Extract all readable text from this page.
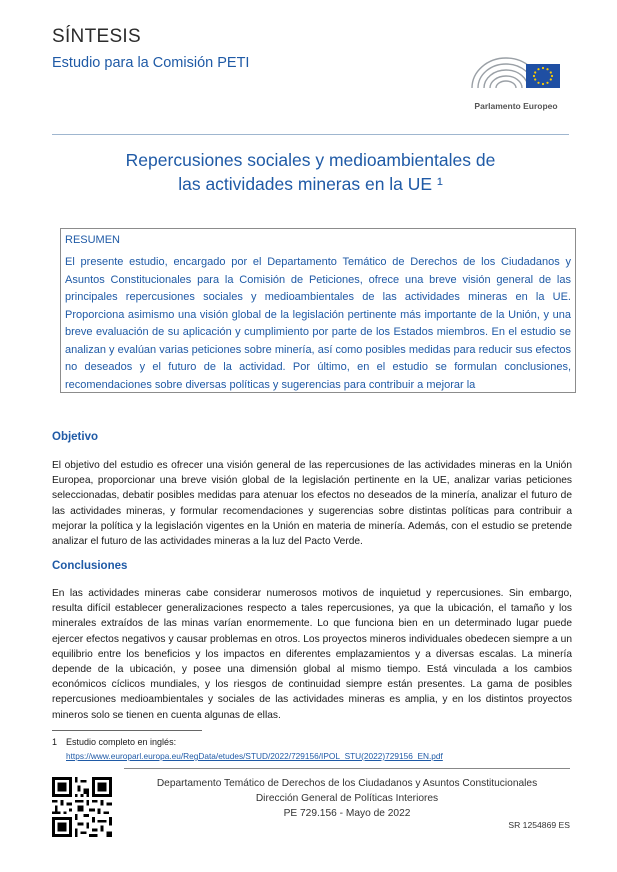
SÍNTESIS
Estudio para la Comisión PETI
Parlamento Europeo
Repercusiones sociales y medioambientales de
las actividades mineras en la UE ¹
RESUMEN
El presente estudio, encargado por el Departamento Temático de Derechos de los Ciudadanos y Asuntos Constitucionales para la Comisión de Peticiones, ofrece una breve visión general de las principales repercusiones sociales y medioambientales de las actividades mineras en la UE. Proporciona asimismo una visión global de la legislación pertinente más importante de la Unión, y una breve evaluación de su aplicación y cumplimiento por parte de los Estados miembros. En el estudio se analizan y evalúan varias peticiones sobre minería, así como posibles medidas para reducir sus efectos no deseados y el futuro de la actividad. Por último, en el estudio se formulan conclusiones, recomendaciones sobre diversas políticas y sugerencias para contribuir a mejorar la
Objetivo
El objetivo del estudio es ofrecer una visión general de las repercusiones de las actividades mineras en la Unión Europea, proporcionar una breve visión global de la legislación pertinente en la UE, analizar varias peticiones seleccionadas, debatir posibles medidas para atenuar los efectos no deseados de la minería, analizar el futuro de las actividades mineras, y formular recomendaciones y sugerencias sobre distintas políticas para contribuir a mejorar la política y la legislación vigentes en la Unión en materia de minería. Además, con el estudio se pretende analizar el futuro de las actividades mineras a la luz del Pacto Verde.
Conclusiones
En las actividades mineras cabe considerar numerosos motivos de inquietud y repercusiones. Sin embargo, resulta difícil establecer generalizaciones respecto a tales repercusiones, ya que la ubicación, el tamaño y los minerales extraídos de las minas varían enormemente. Lo que funciona bien en un determinado lugar puede ejercer efectos negativos y causar problemas en otros. Los proyectos mineros individuales obedecen siempre a un equilibrio entre los beneficios y los impactos en diferentes emplazamientos y a diversas escalas. La minería depende de la ubicación, y posee una dimensión global al mismo tiempo. Está vinculada a los cambios económicos cíclicos mundiales, y los riesgos de continuidad siempre están presentes. La gama de posibles repercusiones medioambientales y sociales de las actividades mineras es amplia, y en los distintos proyectos mineros solo se tienen en cuenta algunas de ellas.
1 Estudio completo en inglés:
https://www.europarl.europa.eu/RegData/etudes/STUD/2022/729156/IPOL_STU(2022)729156_EN.pdf
Departamento Temático de Derechos de los Ciudadanos y Asuntos Constitucionales
Dirección General de Políticas Interiores
PE 729.156 - Mayo de 2022
SR 1254869 ES
